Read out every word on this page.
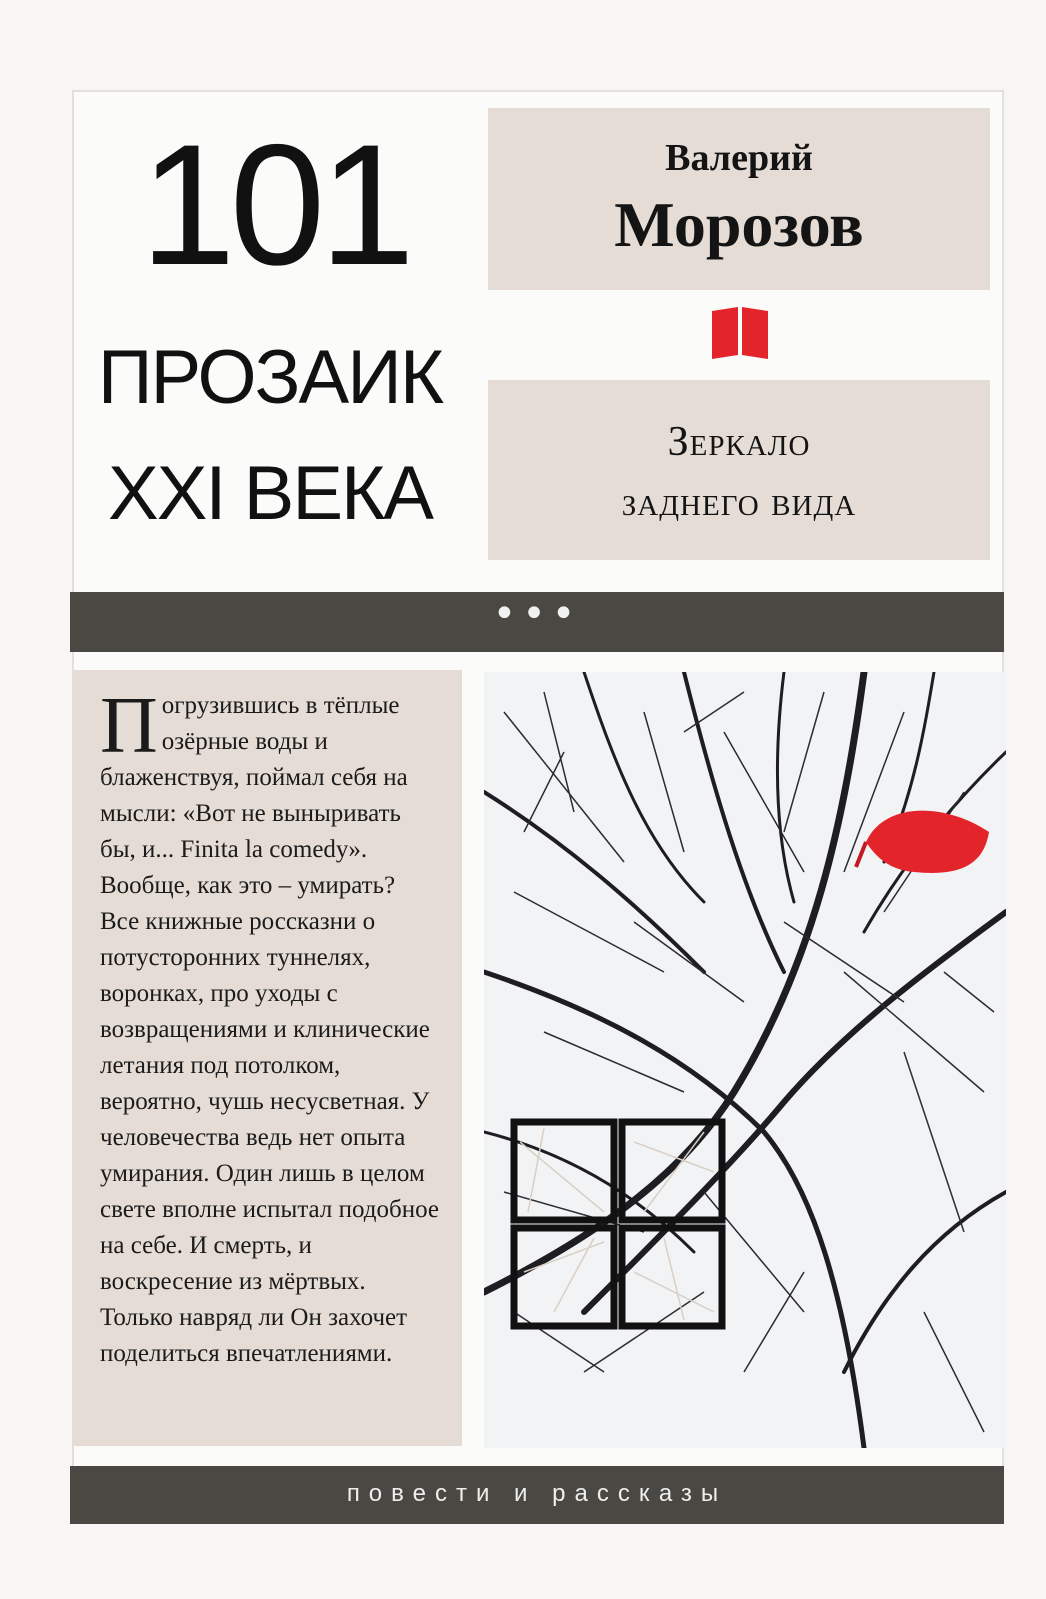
101
ПРОЗАИК
XXI ВЕКА
Валерий
Морозов
Зеркало
заднего вида
•••
Погрузившись в тёплые озёрные воды и блаженствуя, поймал себя на мысли: «Вот не выныривать бы, и... Finita la comedy». Вообще, как это – умирать? Все книжные россказни о потусторонних туннелях, воронках, про уходы с возвращениями и клинические летания под потолком, вероятно, чушь несусветная. У человечества ведь нет опыта умирания. Один лишь в целом свете вполне испытал подобное на себе. И смерть, и воскресение из мёртвых. Только навряд ли Он захочет поделиться впечатлениями.
повести и рассказы
